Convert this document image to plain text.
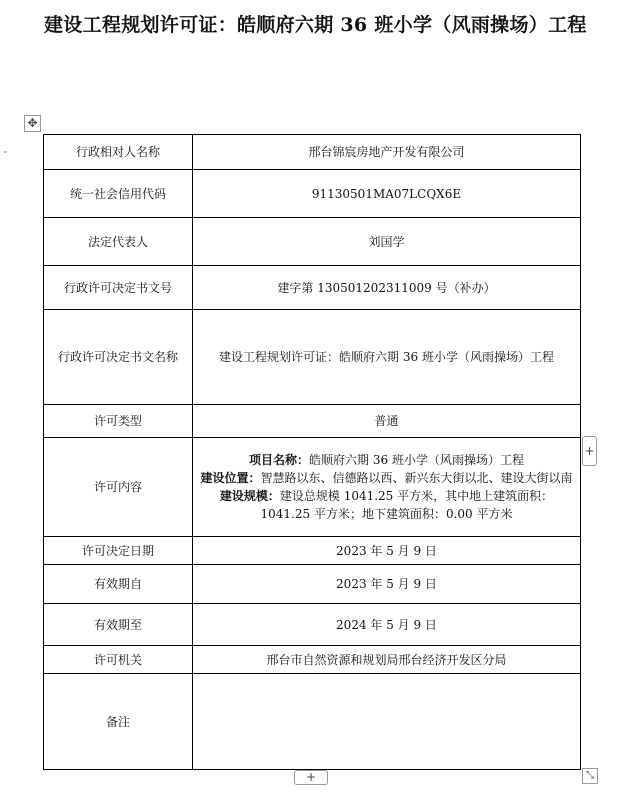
建设工程规划许可证：皓顺府六期 36 班小学（风雨操场）工程
⌄
✥
行政相对人名称	邢台锦宸房地产开发有限公司
统一社会信用代码	91130501MA07LCQX6E
法定代表人	刘国学
行政许可决定书文号	建字第 130501202311009 号（补办）
行政许可决定书文名称	建设工程规划许可证：皓顺府六期 36 班小学（风雨操场）工程
许可类型	普通
许可内容	项目名称：皓顺府六期 36 班小学（风雨操场）工程
建设位置：智慧路以东、信德路以西、新兴东大街以北、建设大街以南
建设规模：建设总规模 1041.25 平方米，其中地上建筑面积：1041.25 平方米；地下建筑面积：0.00 平方米

许可决定日期	2023 年 5 月 9 日
有效期自	2023 年 5 月 9 日
有效期至	2024 年 5 月 9 日
许可机关	邢台市自然资源和规划局邢台经济开发区分局
备注	
+
+	⤡
